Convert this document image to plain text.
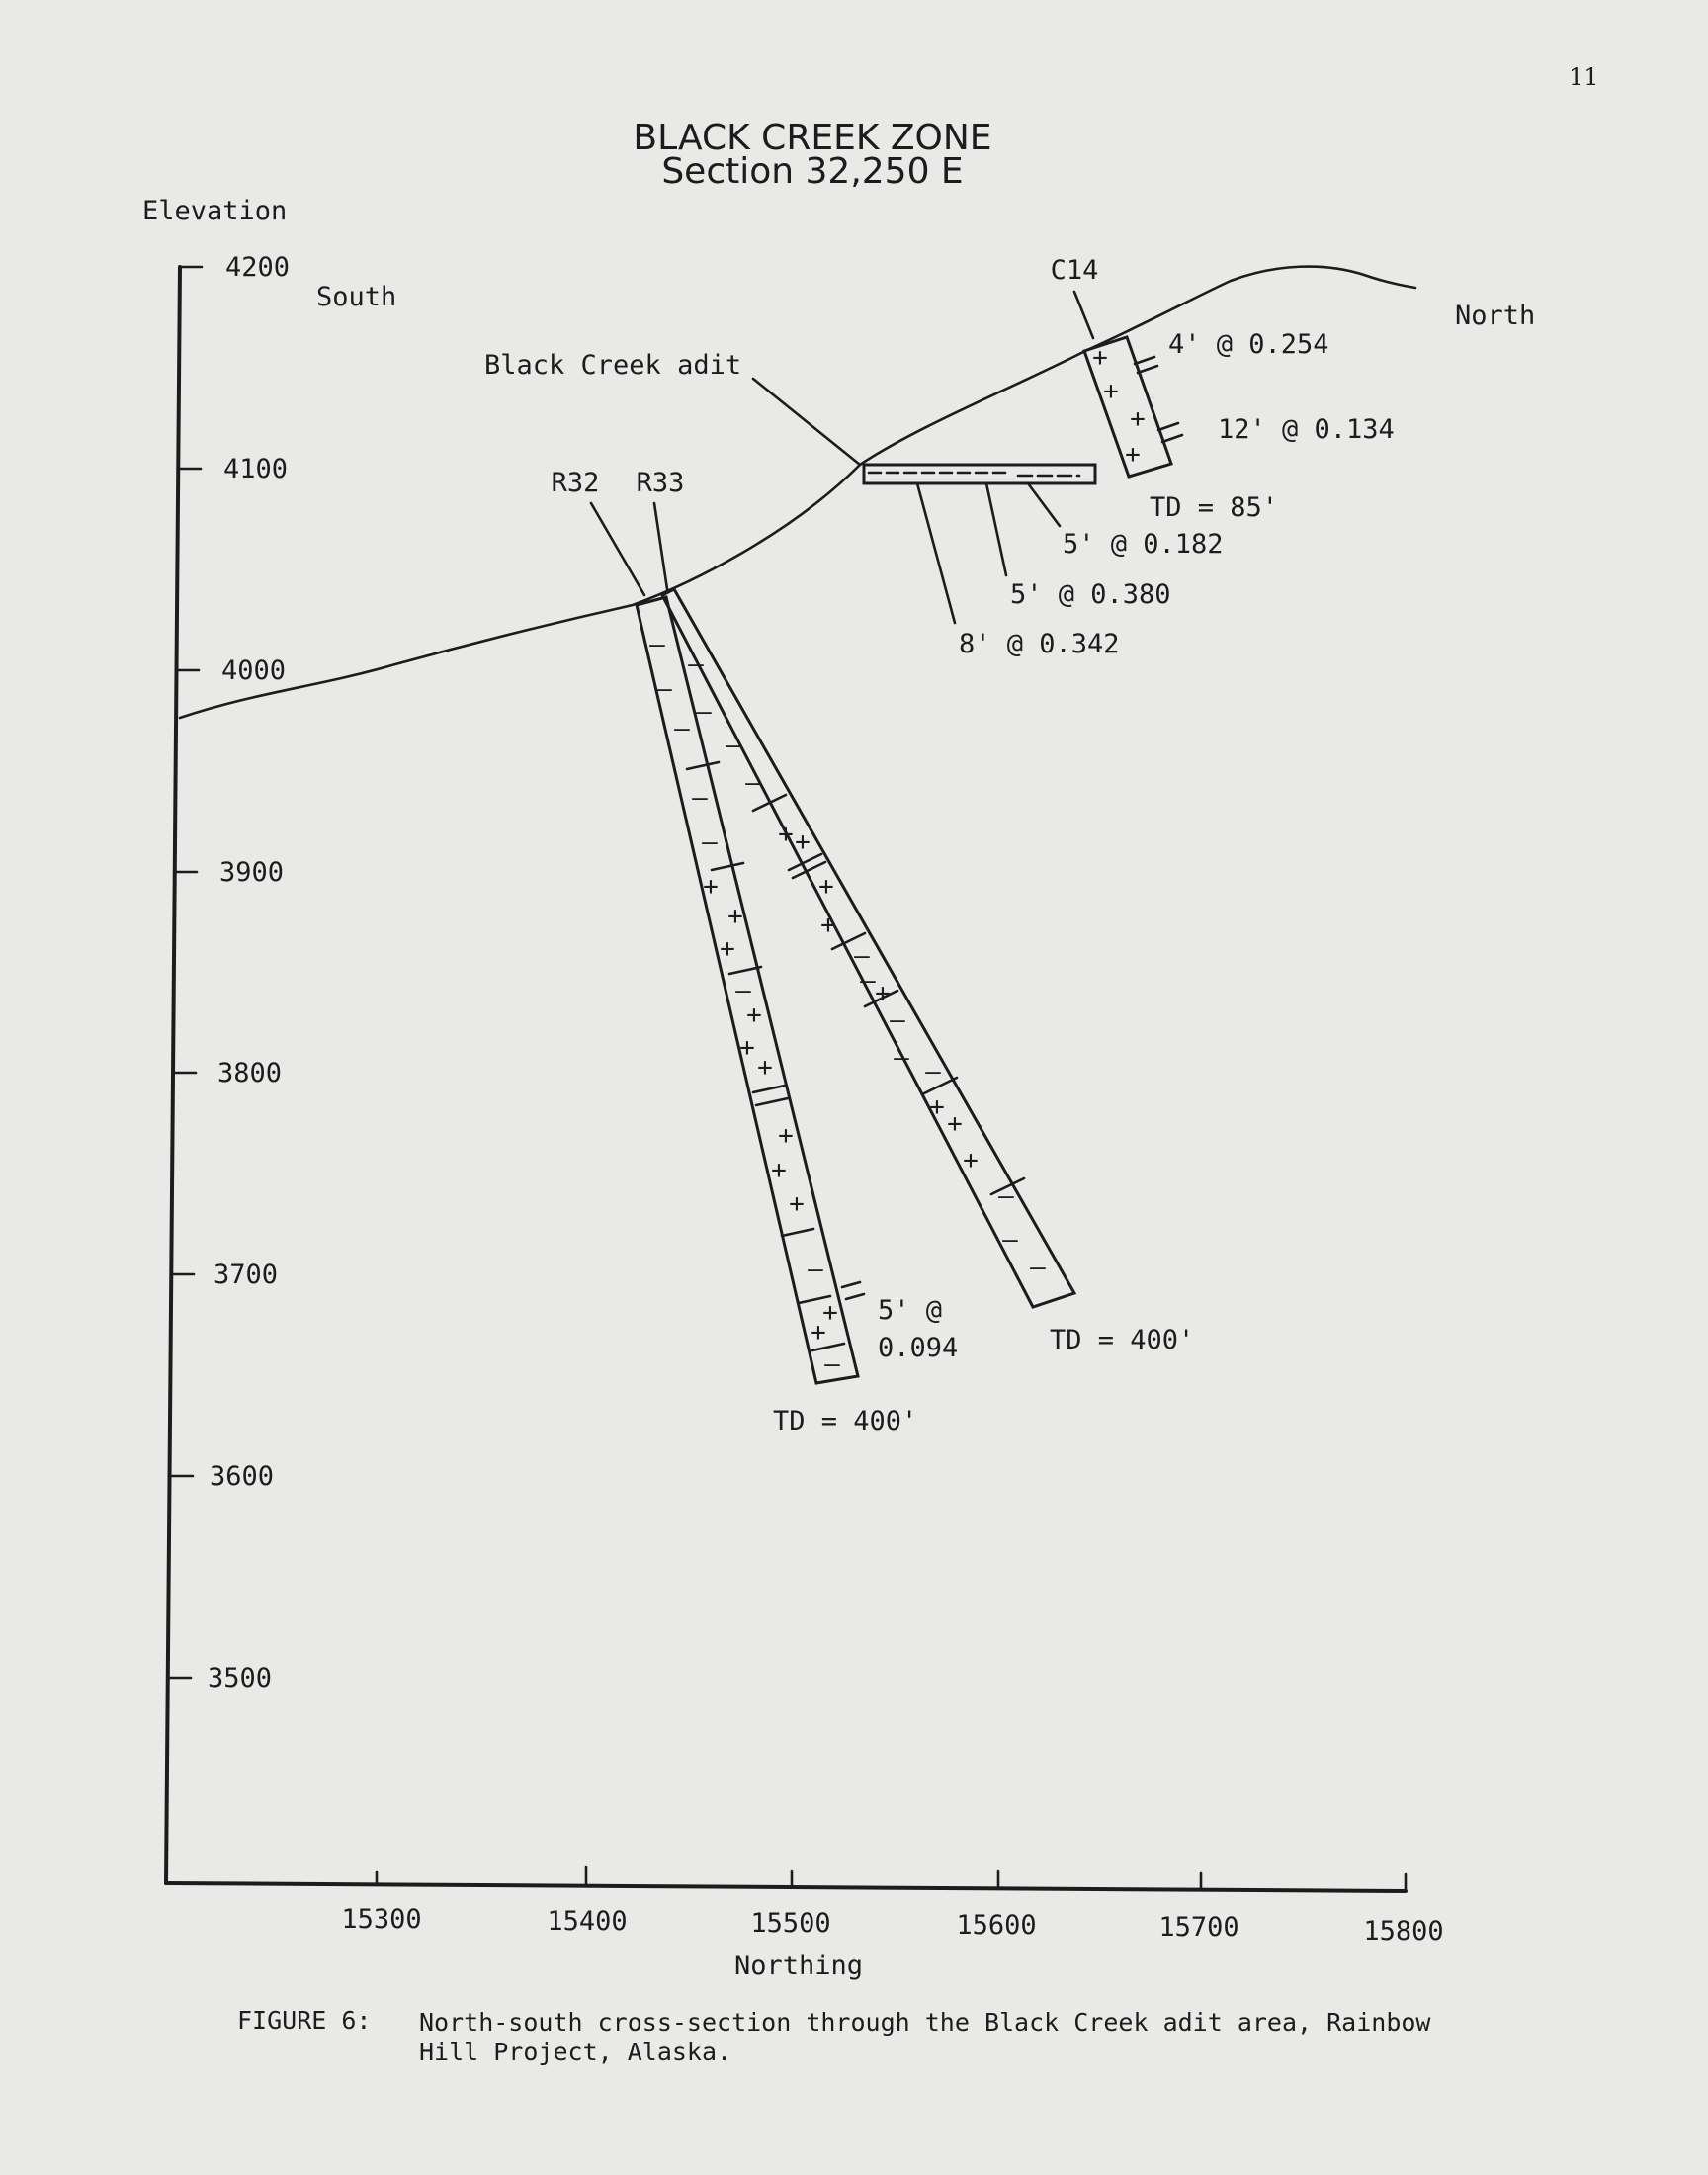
11
BLACK CREEK ZONE
Section 32,250 E
Elevation
Northing
4200
4100
4000
3900
3800
3700
3600
3500
15300	15400	15500	15600	15700	15800
South
North
Black Creek adit
5' @ 0.182
5' @ 0.380
8' @ 0.342
+
+
+
+
C14
4' @ 0.254
12' @ 0.134
TD = 85'
–
–
–
–
–
+
+
+
–
+
+
+
+
+
+
–
+
+
–
–
–
–
–
+ +
+
+
–
– +
–
– –
+
+
+
–
–
–
R32 R33
5' @
0.094	TD = 400'
TD = 400'
FIGURE 6: North-south cross-section through the Black Creek adit area, Rainbow
Hill Project, Alaska.
